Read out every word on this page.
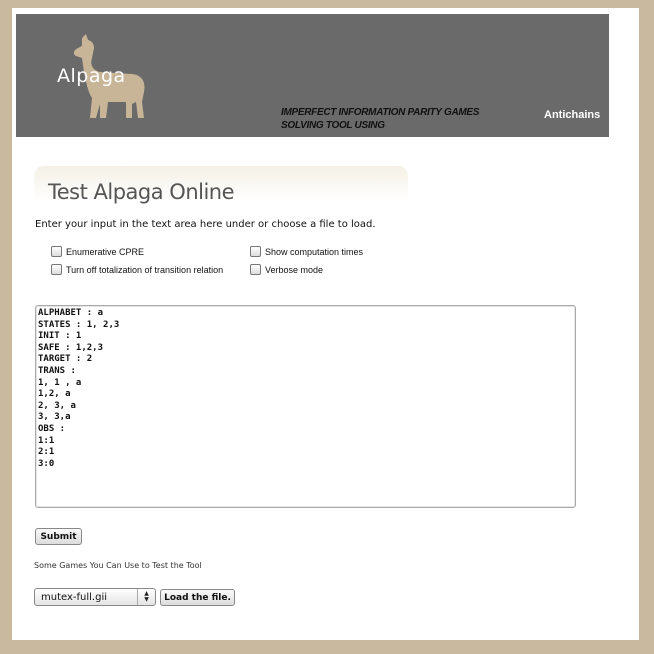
Alpaga
IMPERFECT INFORMATION PARITY GAMES
SOLVING TOOL USING
Antichains
Test Alpaga Online
Enter your input in the text area here under or choose a file to load.
Enumerative CPRE	Show computation times
Turn off totalization of transition relation	Verbose mode
ALPHABET : a STATES : 1, 2,3 INIT : 1 SAFE : 1,2,3 TARGET : 2 TRANS : 1, 1 , a 1,2, a 2, 3, a 3, 3,a OBS : 1:1 2:1 3:0
Submit
Some Games You Can Use to Test the Tool
mutex-full.gii	▲
▼	Load the file.
